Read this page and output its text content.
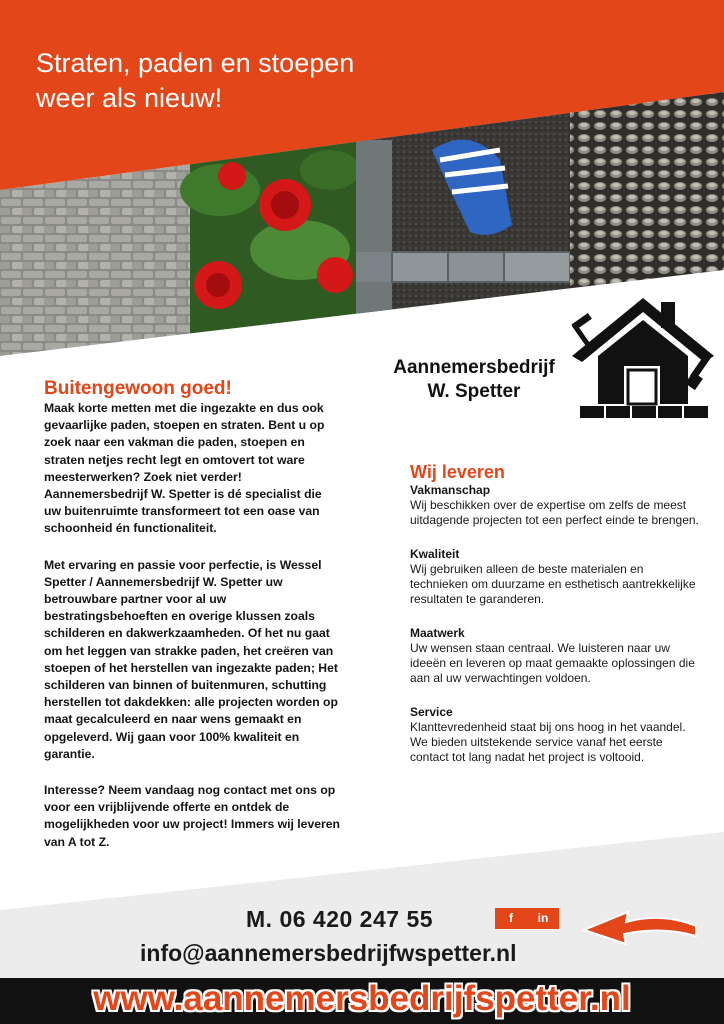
Straten, paden en stoepen
weer als nieuw!
Aannemersbedrijf
W. Spetter
Buitengewoon goed!

Maak korte metten met die ingezakte en dus ook gevaarlijke paden, stoepen en straten. Bent u op zoek naar een vakman die paden, stoepen en straten netjes recht legt en omtovert tot ware meesterwerken? Zoek niet verder! Aannemersbedrijf W. Spetter is dé specialist die uw buitenruimte transformeert tot een oase van schoonheid én functionaliteit.

Met ervaring en passie voor perfectie, is Wessel Spetter / Aannemersbedrijf W. Spetter uw betrouwbare partner voor al uw bestratingsbehoeften en overige klussen zoals schilderen en dakwerkzaamheden. Of het nu gaat om het leggen van strakke paden, het creëren van stoepen of het herstellen van ingezakte paden; Het schilderen van binnen of buitenmuren, schutting herstellen tot dakdekken: alle projecten worden op maat gecalculeerd en naar wens gemaakt en opgeleverd. Wij gaan voor 100% kwaliteit en garantie.

Interesse? Neem vandaag nog contact met ons op voor een vrijblijvende offerte en ontdek de mogelijkheden voor uw project! Immers wij leveren van A tot Z.

Wij leveren
Vakmanschap
Wij beschikken over de expertise om zelfs de meest uitdagende projecten tot een perfect einde te brengen.
Kwaliteit
Wij gebruiken alleen de beste materialen en technieken om duurzame en esthetisch aantrekkelijke resultaten te garanderen.
Maatwerk
Uw wensen staan centraal. We luisteren naar uw ideeën en leveren op maat gemaakte oplossingen die aan al uw verwachtingen voldoen.
Service
Klanttevredenheid staat bij ons hoog in het vaandel. We bieden uitstekende service vanaf het eerste contact tot lang nadat het project is voltooid.
M. 06 420 247 55	f	in
info@aannemersbedrijfwspetter.nl
www.aannemersbedrijfspetter.nl
